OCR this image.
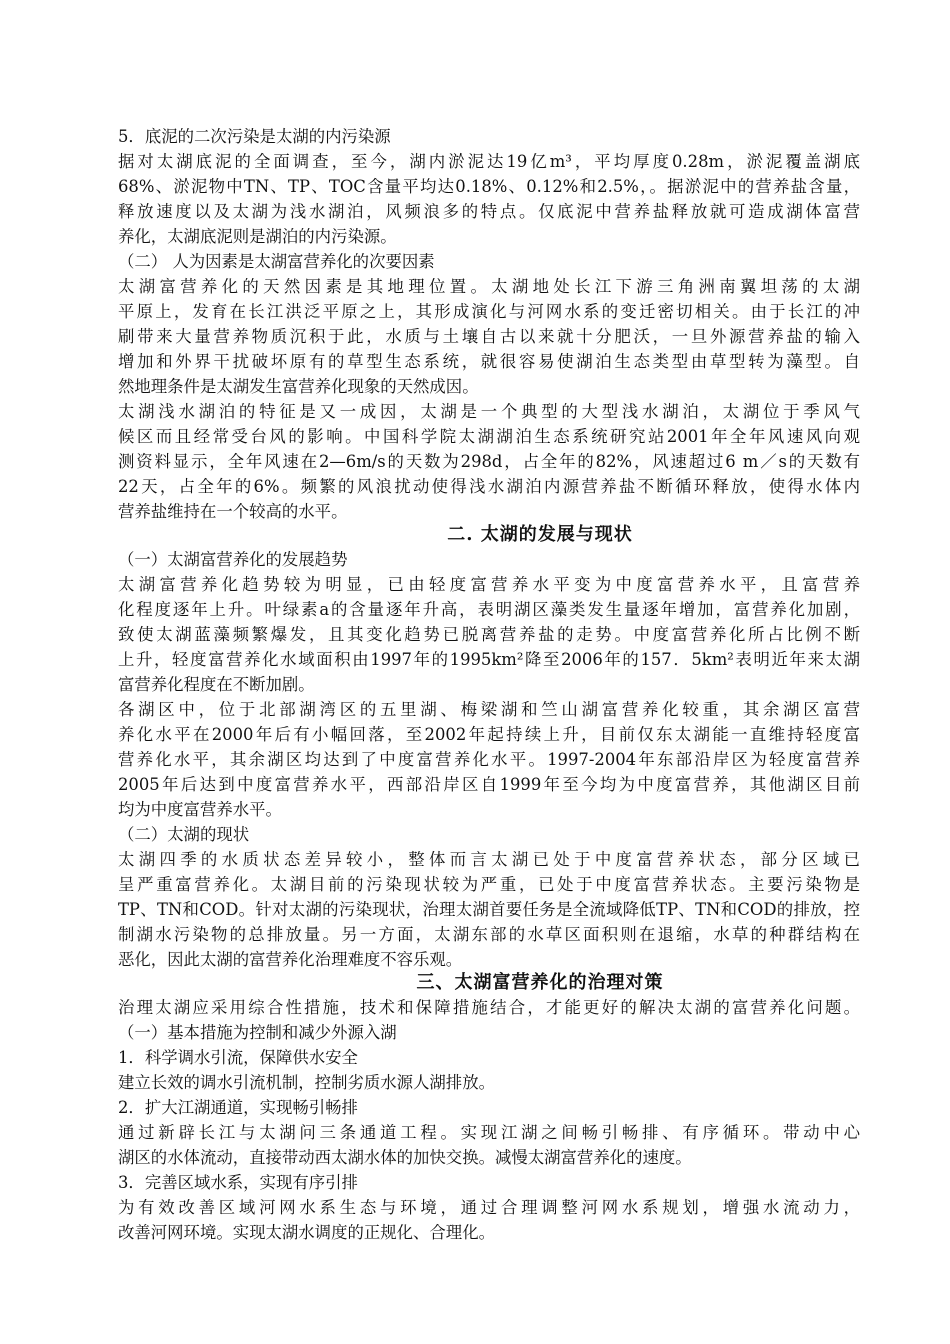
5．底泥的二次污染是太湖的内污染源
据对太湖底泥的全面调查，至今，湖内淤泥达19亿m³，平均厚度0.28m，淤泥覆盖湖底
68%、淤泥物中TN、TP、TOC含量平均达0.18%、0.12%和2.5%，。据淤泥中的营养盐含量，
释放速度以及太湖为浅水湖泊，风频浪多的特点。仅底泥中营养盐释放就可造成湖体富营
养化，太湖底泥则是湖泊的内污染源。
（二） 人为因素是太湖富营养化的次要因素
太湖富营养化的天然因素是其地理位置。太湖地处长江下游三角洲南翼坦荡的太湖
平原上，发育在长江洪泛平原之上，其形成演化与河网水系的变迁密切相关。由于长江的冲
刷带来大量营养物质沉积于此，水质与土壤自古以来就十分肥沃，一旦外源营养盐的输入
增加和外界干扰破坏原有的草型生态系统，就很容易使湖泊生态类型由草型转为藻型。自
然地理条件是太湖发生富营养化现象的天然成因。
太湖浅水湖泊的特征是又一成因，太湖是一个典型的大型浅水湖泊，太湖位于季风气
候区而且经常受台风的影响。中国科学院太湖湖泊生态系统研究站2001年全年风速风向观
测资料显示，全年风速在2—6m/s的天数为298d，占全年的82%，风速超过6 m／s的天数有
22天，占全年的6%。频繁的风浪扰动使得浅水湖泊内源营养盐不断循环释放，使得水体内
营养盐维持在一个较高的水平。
二. 太湖的发展与现状
（一）太湖富营养化的发展趋势
太湖富营养化趋势较为明显，已由轻度富营养水平变为中度富营养水平，且富营养
化程度逐年上升。叶绿素a的含量逐年升高，表明湖区藻类发生量逐年增加，富营养化加剧，
致使太湖蓝藻频繁爆发，且其变化趋势已脱离营养盐的走势。中度富营养化所占比例不断
上升，轻度富营养化水域面积由1997年的1995km²降至2006年的157．5km²表明近年来太湖
富营养化程度在不断加剧。
各湖区中，位于北部湖湾区的五里湖、梅梁湖和竺山湖富营养化较重，其余湖区富营
养化水平在2000年后有小幅回落，至2002年起持续上升，目前仅东太湖能一直维持轻度富
营养化水平，其余湖区均达到了中度富营养化水平。1997-2004年东部沿岸区为轻度富营养
2005年后达到中度富营养水平，西部沿岸区自1999年至今均为中度富营养，其他湖区目前
均为中度富营养水平。
（二）太湖的现状
太湖四季的水质状态差异较小，整体而言太湖已处于中度富营养状态，部分区域已
呈严重富营养化。太湖目前的污染现状较为严重，已处于中度富营养状态。主要污染物是
TP、TN和COD。针对太湖的污染现状，治理太湖首要任务是全流域降低TP、TN和COD的排放，控
制湖水污染物的总排放量。另一方面，太湖东部的水草区面积则在退缩，水草的种群结构在
恶化，因此太湖的富营养化治理难度不容乐观。
三、太湖富营养化的治理对策
治理太湖应采用综合性措施，技术和保障措施结合，才能更好的解决太湖的富营养化问题。
（一）基本措施为控制和减少外源入湖
1．科学调水引流，保障供水安全
建立长效的调水引流机制，控制劣质水源人湖排放。
2．扩大江湖通道，实现畅引畅排
通过新辟长江与太湖问三条通道工程。实现江湖之间畅引畅排、有序循环。带动中心
湖区的水体流动，直接带动西太湖水体的加快交换。减慢太湖富营养化的速度。
3．完善区域水系，实现有序引排
为有效改善区域河网水系生态与环境，通过合理调整河网水系规划，增强水流动力，
改善河网环境。实现太湖水调度的正规化、合理化。
